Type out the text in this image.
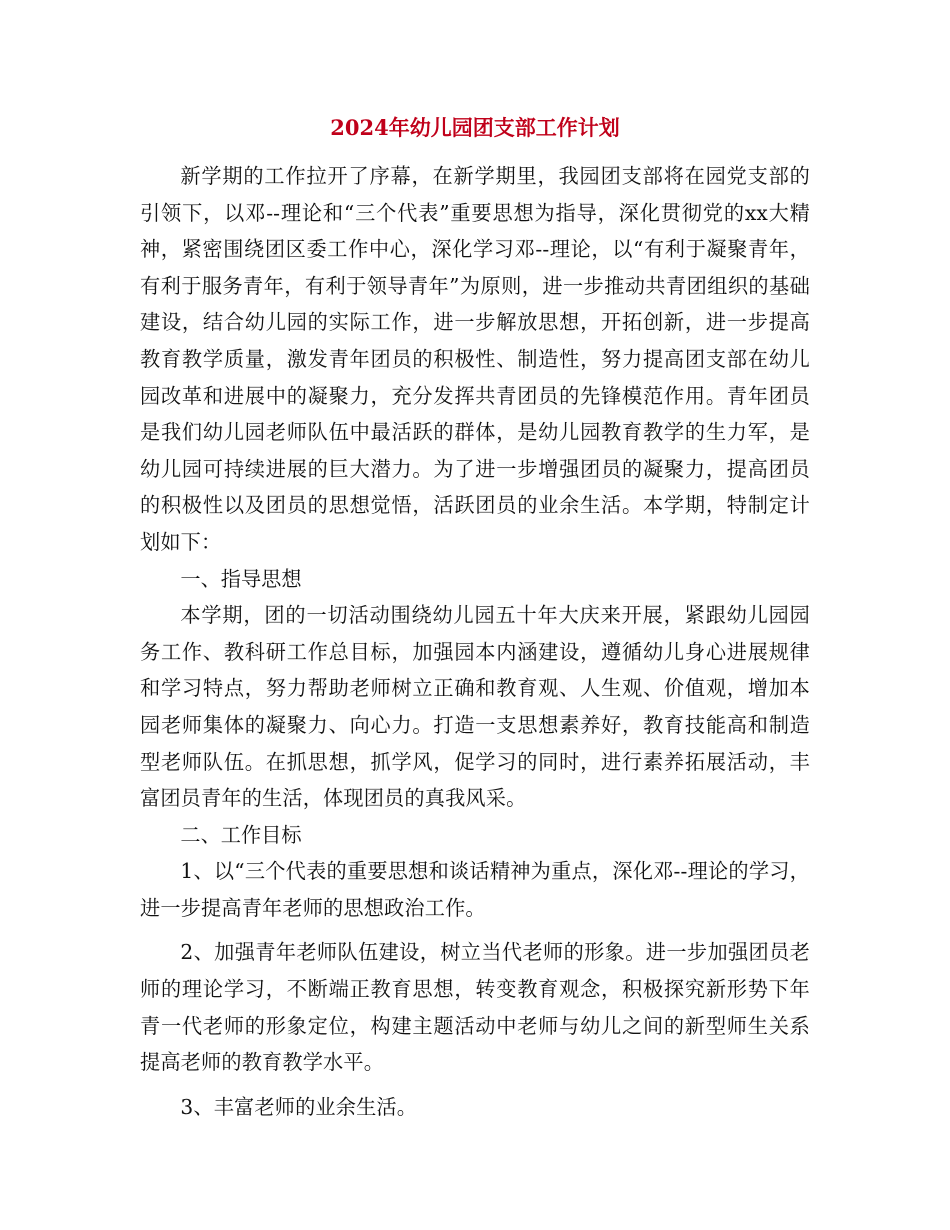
2024年幼儿园团支部工作计划

新学期的工作拉开了序幕，在新学期里，我园团支部将在园党支部的引领下，以邓--理论和“三个代表”重要思想为指导，深化贯彻党的xx大精神，紧密围绕团区委工作中心，深化学习邓--理论，以“有利于凝聚青年，有利于服务青年，有利于领导青年”为原则，进一步推动共青团组织的基础建设，结合幼儿园的实际工作，进一步解放思想，开拓创新，进一步提高教育教学质量，激发青年团员的积极性、制造性，努力提高团支部在幼儿园改革和进展中的凝聚力，充分发挥共青团员的先锋模范作用。青年团员是我们幼儿园老师队伍中最活跃的群体，是幼儿园教育教学的生力军，是幼儿园可持续进展的巨大潜力。为了进一步增强团员的凝聚力，提高团员的积极性以及团员的思想觉悟，活跃团员的业余生活。本学期，特制定计划如下：

一、指导思想

本学期，团的一切活动围绕幼儿园五十年大庆来开展，紧跟幼儿园园务工作、教科研工作总目标，加强园本内涵建设，遵循幼儿身心进展规律和学习特点，努力帮助老师树立正确和教育观、人生观、价值观，增加本园老师集体的凝聚力、向心力。打造一支思想素养好，教育技能高和制造型老师队伍。在抓思想，抓学风，促学习的同时，进行素养拓展活动，丰富团员青年的生活，体现团员的真我风采。

二、工作目标

1、以“三个代表的重要思想和谈话精神为重点，深化邓--理论的学习，进一步提高青年老师的思想政治工作。

2、加强青年老师队伍建设，树立当代老师的形象。进一步加强团员老师的理论学习，不断端正教育思想，转变教育观念，积极探究新形势下年青一代老师的形象定位，构建主题活动中老师与幼儿之间的新型师生关系提高老师的教育教学水平。

3、丰富老师的业余生活。
